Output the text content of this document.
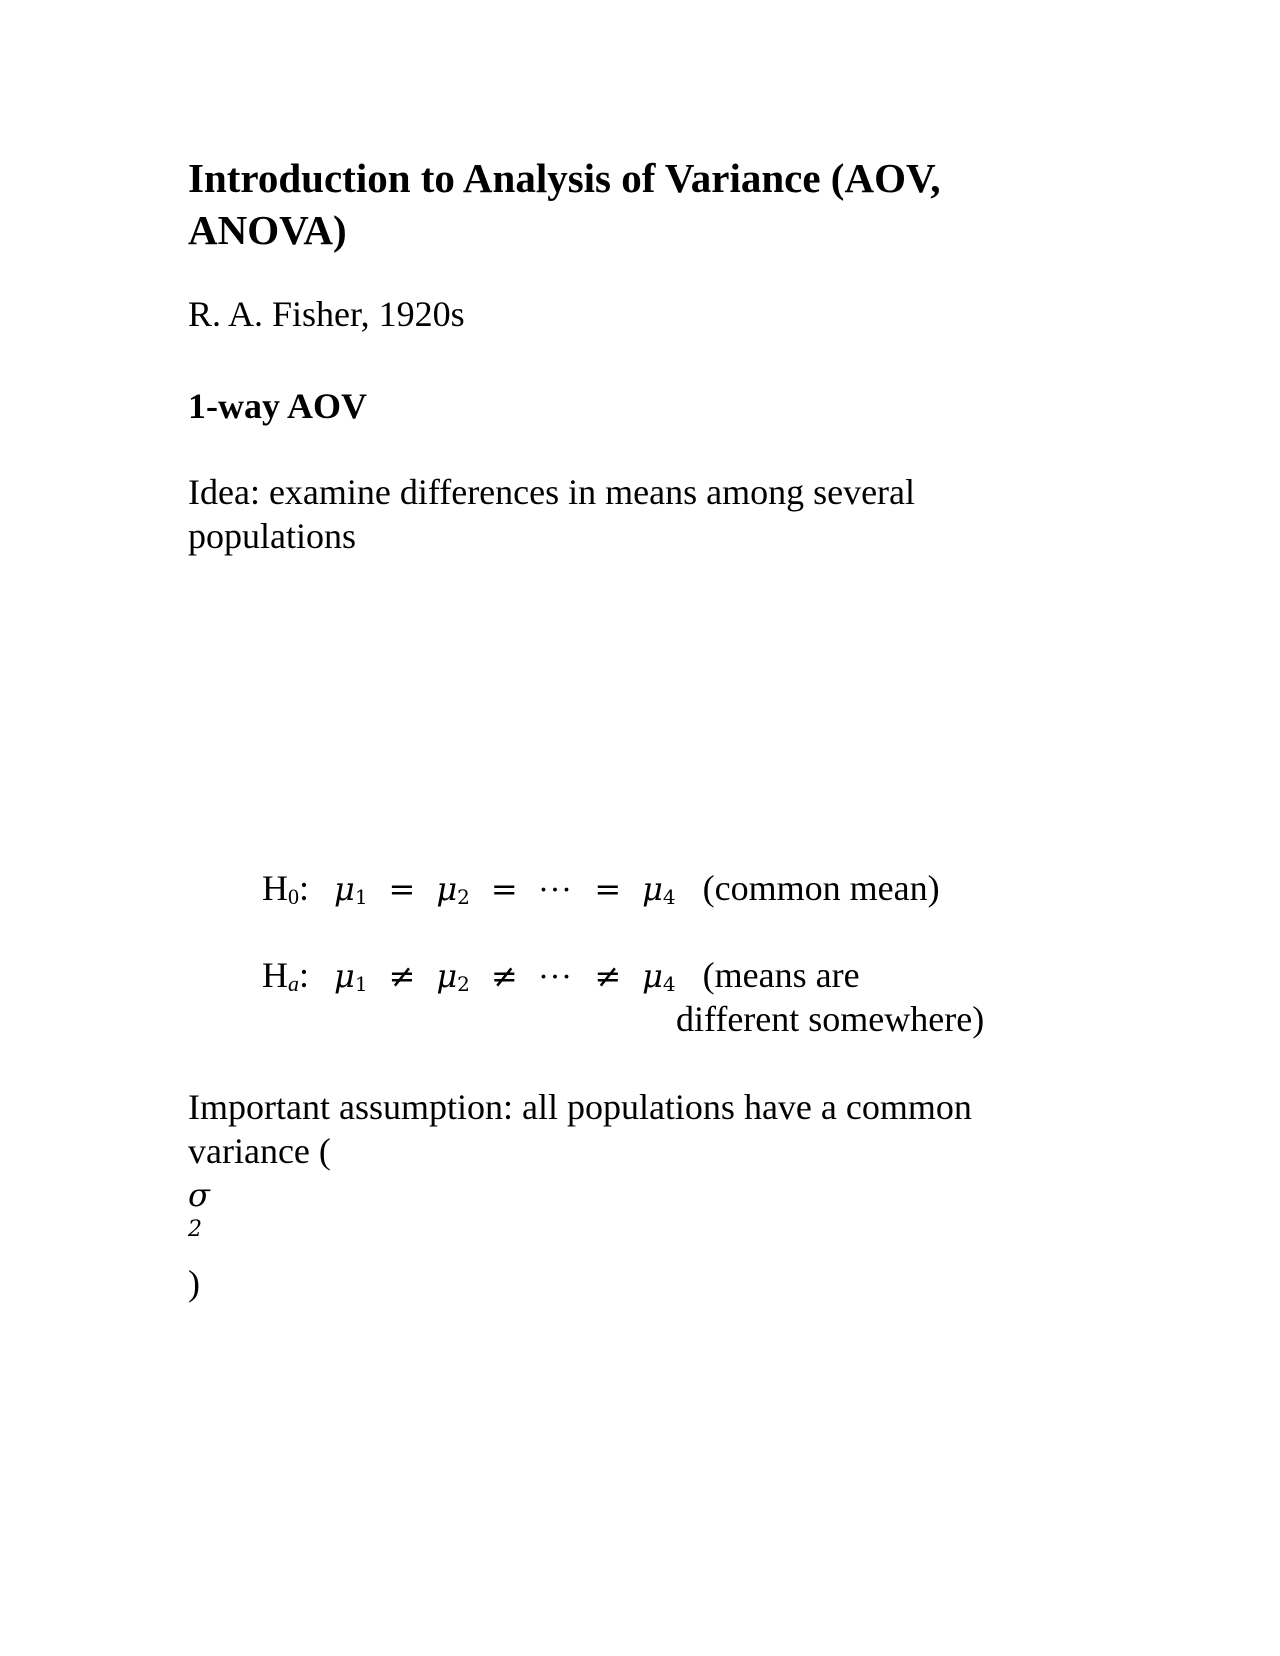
Introduction to Analysis of Variance (AOV,
ANOVA)

R. A. Fisher, 1920s

1-way AOV

Idea: examine differences in means among several
populations

$H_0$: $\mu_1 = \mu_2$ = ··· = $\mu_4$ (common mean)
$H_a$: $\mu_1 \ne \mu_2$ ≠ ··· ≠ $\mu_4$ (means are
different somewhere)

Important assumption: all populations have a common
variance (
σ
$^2$
)
